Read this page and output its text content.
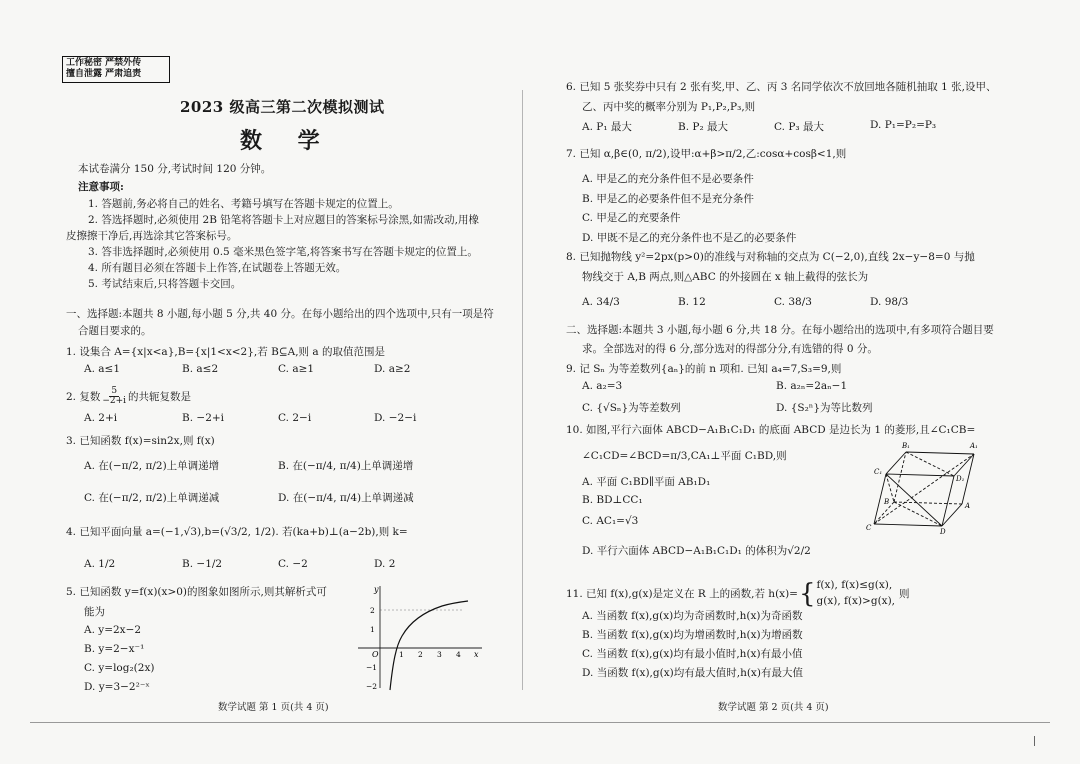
工作秘密 严禁外传
擅自泄露 严肃追责
2023 级高三第二次模拟测试
数 学
本试卷满分 150 分,考试时间 120 分钟。
注意事项:
1. 答题前,务必将自己的姓名、考籍号填写在答题卡规定的位置上。
2. 答选择题时,必须使用 2B 铅笔将答题卡上对应题目的答案标号涂黑,如需改动,用橡
皮擦擦干净后,再选涂其它答案标号。
3. 答非选择题时,必须使用 0.5 毫米黑色签字笔,将答案书写在答题卡规定的位置上。
4. 所有题目必须在答题卡上作答,在试题卷上答题无效。
5. 考试结束后,只将答题卡交回。
一、选择题:本题共 8 小题,每小题 5 分,共 40 分。在每小题给出的四个选项中,只有一项是符
合题目要求的。
1. 设集合 A={x|x<a},B={x|1<x<2},若 B⊆A,则 a 的取值范围是
A. a≤1	B. a≤2	C. a≥1	D. a≥2
2. 复数 $\frac{5}{-2+i}$ 的共轭复数是
A. 2+i	B. −2+i	C. 2−i	D. −2−i
3. 已知函数 f(x)=sin2x,则 f(x)
A. 在(−π/2, π/2)上单调递增	B. 在(−π/4, π/4)上单调递增
C. 在(−π/2, π/2)上单调递减	D. 在(−π/4, π/4)上单调递减
4. 已知平面向量 a=(−1,√3),b=(√3/2, 1/2). 若(ka+b)⊥(a−2b),则 k=
A. 1/2	B. −1/2	C. −2	D. 2
5. 已知函数 y=f(x)(x>0)的图象如图所示,则其解析式可
能为
A. y=2x−2
B. y=2−x⁻¹
C. y=log₂(2x)
D. y=3−2²⁻ˣ
y
x
O	1 2 3 4
2
1
−1
−2
数学试题 第 1 页(共 4 页)
6. 已知 5 张奖券中只有 2 张有奖,甲、乙、丙 3 名同学依次不放回地各随机抽取 1 张,设甲、
乙、丙中奖的概率分别为 P₁,P₂,P₃,则
A. P₁ 最大	B. P₂ 最大	C. P₃ 最大	D. P₁=P₂=P₃
7. 已知 α,β∈(0, π/2),设甲:α+β>π/2,乙:cosα+cosβ<1,则
A. 甲是乙的充分条件但不是必要条件
B. 甲是乙的必要条件但不是充分条件
C. 甲是乙的充要条件
D. 甲既不是乙的充分条件也不是乙的必要条件
8. 已知抛物线 y²=2px(p>0)的准线与对称轴的交点为 C(−2,0),直线 2x−y−8=0 与抛
物线交于 A,B 两点,则△ABC 的外接圆在 x 轴上截得的弦长为
A. 34/3	B. 12	C. 38/3	D. 98/3
二、选择题:本题共 3 小题,每小题 6 分,共 18 分。在每小题给出的选项中,有多项符合题目要
求。全部选对的得 6 分,部分选对的得部分分,有选错的得 0 分。
9. 记 Sₙ 为等差数列{aₙ}的前 n 项和. 已知 a₄=7,S₃=9,则
A. a₂=3	B. a₂ₙ=2aₙ−1
C. {√Sₙ}为等差数列	D. {S₂ⁿ}为等比数列
10. 如图,平行六面体 ABCD−A₁B₁C₁D₁ 的底面 ABCD 是边长为 1 的菱形,且∠C₁CB=
∠C₁CD=∠BCD=π/3,CA₁⊥平面 C₁BD,则
A. 平面 C₁BD∥平面 AB₁D₁
B. BD⊥CC₁
C. AC₁=√3
D. 平行六面体 ABCD−A₁B₁C₁D₁ 的体积为√2/2
B₁	A₁
C₁
D₁
B	A
C	D
11. 已知 f(x),g(x)是定义在 R 上的函数,若 h(x)= { f(x), f(x)≤g(x),
g(x), f(x)>g(x),
则
A. 当函数 f(x),g(x)均为奇函数时,h(x)为奇函数
B. 当函数 f(x),g(x)均为增函数时,h(x)为增函数
C. 当函数 f(x),g(x)均有最小值时,h(x)有最小值
D. 当函数 f(x),g(x)均有最大值时,h(x)有最大值
数学试题 第 2 页(共 4 页)
